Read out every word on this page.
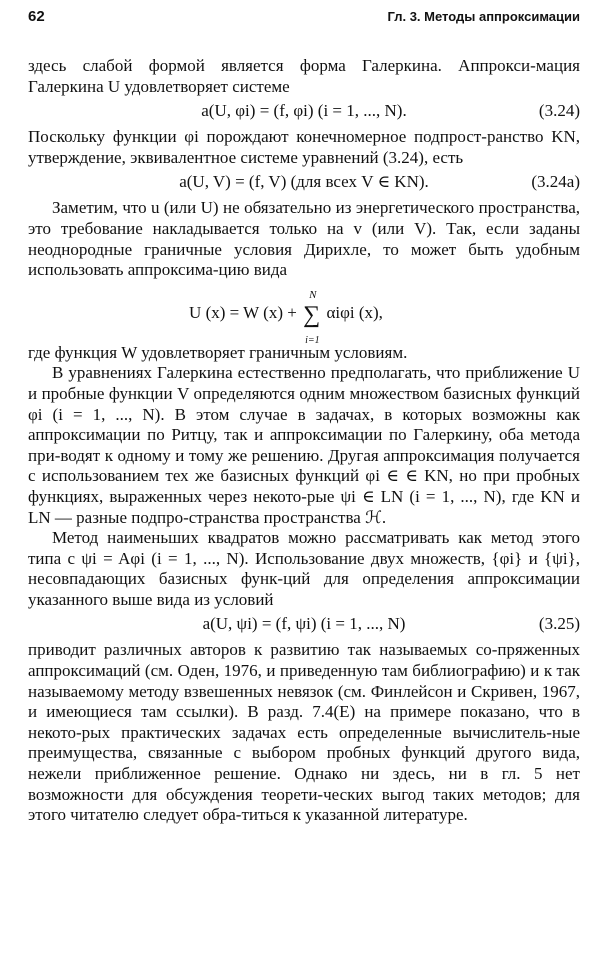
62	Гл. 3. Методы аппроксимации

здесь слабой формой является форма Галеркина. Аппрокси-мация Галеркина U удовлетворяет системе

a(U, φi) = (f, φi) (i = 1, ..., N).	(3.24)

Поскольку функции φi порождают конечномерное подпрост-ранство KN, утверждение, эквивалентное системе уравнений (3.24), есть

a(U, V) = (f, V) (для всех V ∈ KN).	(3.24а)

Заметим, что u (или U) не обязательно из энергетического пространства, это требование накладывается только на v (или V). Так, если заданы неоднородные граничные условия Дирихле, то может быть удобным использовать аппроксима-цию вида

U (x) = W (x) + ∑
N
i=1
αiφi (x),

где функция W удовлетворяет граничным условиям.

В уравнениях Галеркина естественно предполагать, что приближение U и пробные функции V определяются одним множеством базисных функций φi (i = 1, ..., N). В этом случае в задачах, в которых возможны как аппроксимации по Ритцу, так и аппроксимации по Галеркину, оба метода при-водят к одному и тому же решению. Другая аппроксимация получается с использованием тех же базисных функций φi ∈ ∈ KN, но при пробных функциях, выраженных через некото-рые ψi ∈ LN (i = 1, ..., N), где KN и LN — разные подпро-странства пространства ℋ.

Метод наименьших квадратов можно рассматривать как метод этого типа с ψi = Aφi (i = 1, ..., N). Использование двух множеств, {φi} и {ψi}, несовпадающих базисных функ-ций для определения аппроксимации указанного выше вида из условий

a(U, ψi) = (f, ψi) (i = 1, ..., N)	(3.25)

приводит различных авторов к развитию так называемых со-пряженных аппроксимаций (см. Оден, 1976, и приведенную там библиографию) и к так называемому методу взвешенных невязок (см. Финлейсон и Скривен, 1967, и имеющиеся там ссылки). В разд. 7.4(E) на примере показано, что в некото-рых практических задачах есть определенные вычислитель-ные преимущества, связанные с выбором пробных функций другого вида, нежели приближенное решение. Однако ни здесь, ни в гл. 5 нет возможности для обсуждения теорети-ческих выгод таких методов; для этого читателю следует обра-титься к указанной литературе.
